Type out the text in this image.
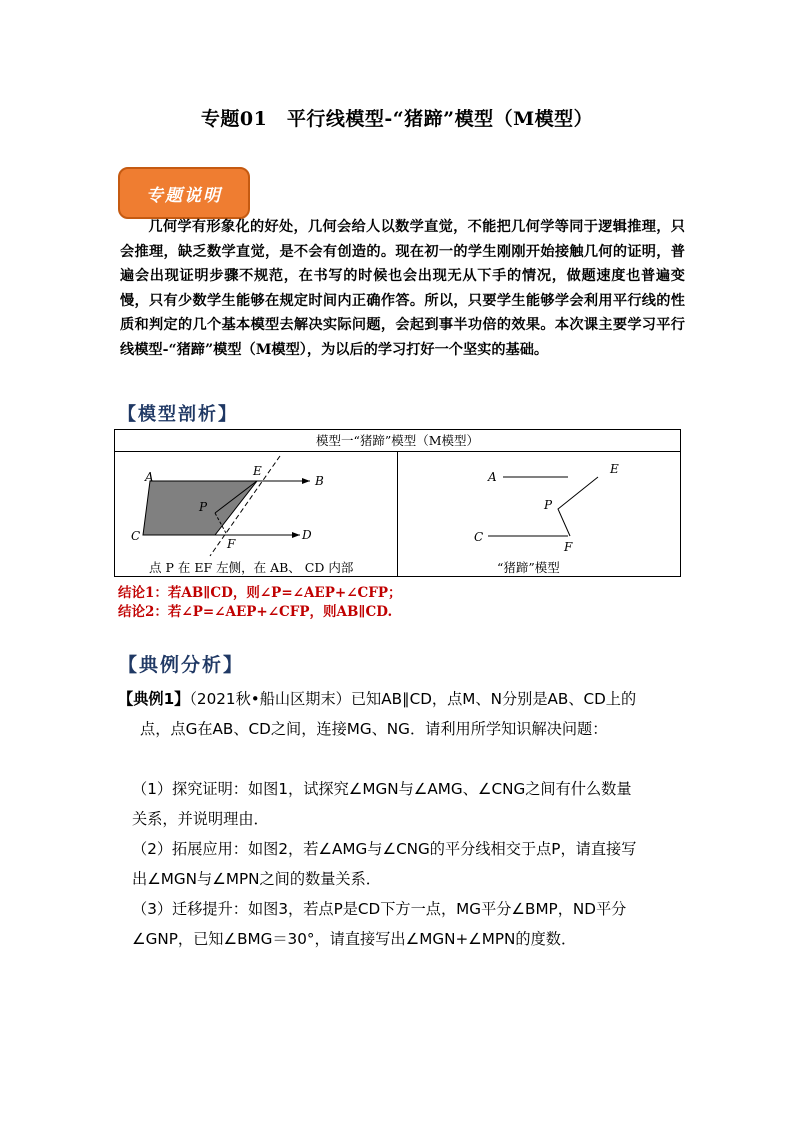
专题01　平行线模型-“猪蹄”模型（M模型）
专题说明
几何学有形象化的好处，几何会给人以数学直觉，不能把几何学等同于逻辑推理，只会推理，缺乏数学直觉，是不会有创造的。现在初一的学生刚刚开始接触几何的证明，普遍会出现证明步骤不规范，在书写的时候也会出现无从下手的情况，做题速度也普遍变慢，只有少数学生能够在规定时间内正确作答。所以，只要学生能够学会利用平行线的性质和判定的几个基本模型去解决实际问题，会起到事半功倍的效果。本次课主要学习平行线模型-“猪蹄”模型（M模型），为以后的学习打好一个坚实的基础。
【模型剖析】
模型一“猪蹄”模型（M模型）
A	B
C	D
E
F
P
点 P 在 EF 左侧，在 AB、 CD 内部
A
E
P
C
F
“猪蹄”模型
结论1：若AB∥CD，则∠P=∠AEP+∠CFP；
结论2：若∠P=∠AEP+∠CFP，则AB∥CD.
【典例分析】
【典例1】（2021秋•船山区期末）已知AB∥CD，点M、N分别是AB、CD上的
点，点G在AB、CD之间，连接MG、NG．请利用所学知识解决问题：
（1）探究证明：如图1，试探究∠MGN与∠AMG、∠CNG之间有什么数量
关系，并说明理由．
（2）拓展应用：如图2，若∠AMG与∠CNG的平分线相交于点P，请直接写
出∠MGN与∠MPN之间的数量关系．
（3）迁移提升：如图3，若点P是CD下方一点，MG平分∠BMP，ND平分
∠GNP，已知∠BMG＝30°，请直接写出∠MGN+∠MPN的度数．
